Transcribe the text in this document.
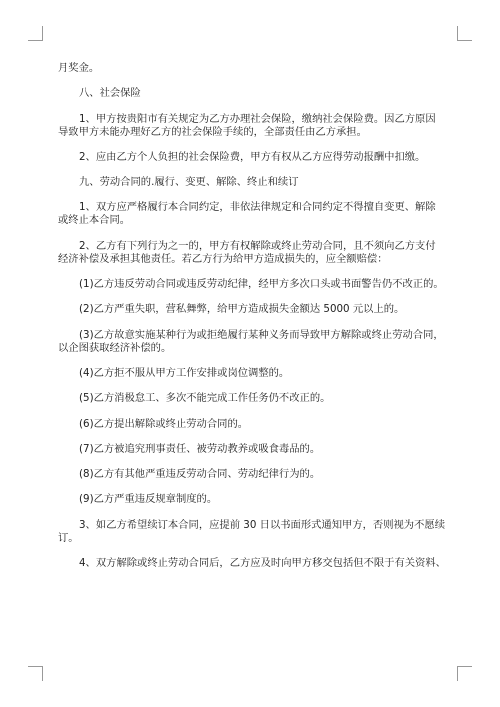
月奖金。
八、社会保险
1、甲方按贵阳市有关规定为乙方办理社会保险，缴纳社会保险费。因乙方原因
导致甲方未能办理好乙方的社会保险手续的，全部责任由乙方承担。
2、应由乙方个人负担的社会保险费，甲方有权从乙方应得劳动报酬中扣缴。
九、劳动合同的.履行、变更、解除、终止和续订
1、双方应严格履行本合同约定，非依法律规定和合同约定不得擅自变更、解除
或终止本合同。
2、乙方有下列行为之一的，甲方有权解除或终止劳动合同，且不须向乙方支付
经济补偿及承担其他责任。若乙方行为给甲方造成损失的，应全额赔偿：
(1)乙方违反劳动合同或违反劳动纪律，经甲方多次口头或书面警告仍不改正的。
(2)乙方严重失职，营私舞弊，给甲方造成损失金额达 5000 元以上的。
(3)乙方故意实施某种行为或拒绝履行某种义务而导致甲方解除或终止劳动合同，
以企图获取经济补偿的。
(4)乙方拒不服从甲方工作安排或岗位调整的。
(5)乙方消极怠工、多次不能完成工作任务仍不改正的。
(6)乙方提出解除或终止劳动合同的。
(7)乙方被追究刑事责任、被劳动教养或吸食毒品的。
(8)乙方有其他严重违反劳动合同、劳动纪律行为的。
(9)乙方严重违反规章制度的。
3、如乙方希望续订本合同，应提前 30 日以书面形式通知甲方，否则视为不愿续
订。
4、双方解除或终止劳动合同后，乙方应及时向甲方移交包括但不限于有关资料、
